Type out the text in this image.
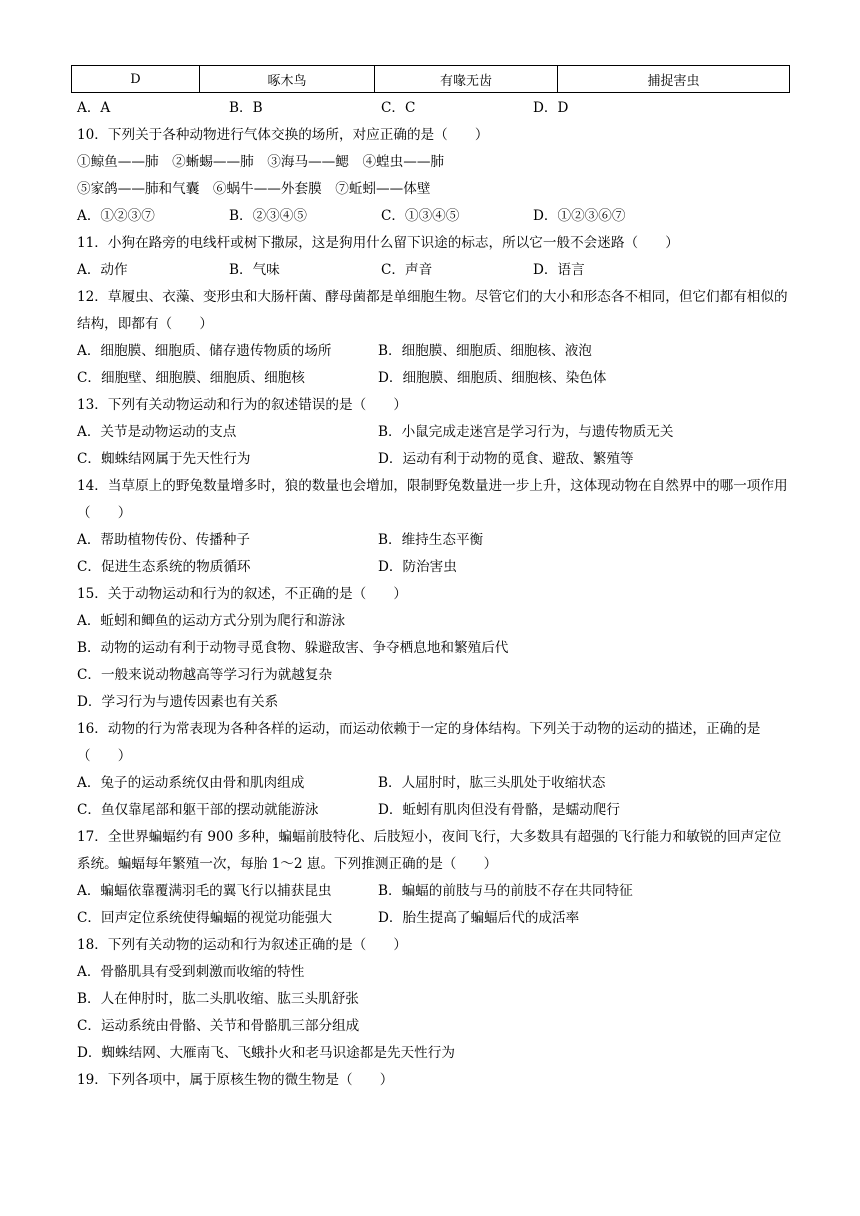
D	啄木鸟	有喙无齿	捕捉害虫
A．A	B．B	C．C	D．D
10．下列关于各种动物进行气体交换的场所，对应正确的是（　　）
①鲸鱼——肺　②蜥蜴——肺　③海马——鳃　④蝗虫——肺
⑤家鸽——肺和气囊　⑥蜗牛——外套膜　⑦蚯蚓——体壁
A．①②③⑦	B．②③④⑤	C．①③④⑤	D．①②③⑥⑦
11．小狗在路旁的电线杆或树下撒尿，这是狗用什么留下识途的标志，所以它一般不会迷路（　　）
A．动作	B．气味	C．声音	D．语言
12．草履虫、衣藻、变形虫和大肠杆菌、酵母菌都是单细胞生物。尽管它们的大小和形态各不相同，但它们都有相似的结构，即都有（　　）
A．细胞膜、细胞质、储存遗传物质的场所	B．细胞膜、细胞质、细胞核、液泡
C．细胞壁、细胞膜、细胞质、细胞核	D．细胞膜、细胞质、细胞核、染色体
13．下列有关动物运动和行为的叙述错误的是（　　）
A．关节是动物运动的支点	B．小鼠完成走迷宫是学习行为，与遗传物质无关
C．蜘蛛结网属于先天性行为	D．运动有利于动物的觅食、避敌、繁殖等
14．当草原上的野兔数量增多时，狼的数量也会增加，限制野兔数量进一步上升，这体现动物在自然界中的哪一项作用（　　）
A．帮助植物传份、传播种子	B．维持生态平衡
C．促进生态系统的物质循环	D．防治害虫
15．关于动物运动和行为的叙述，不正确的是（　　）
A．蚯蚓和鲫鱼的运动方式分别为爬行和游泳
B．动物的运动有利于动物寻觅食物、躲避敌害、争夺栖息地和繁殖后代
C．一般来说动物越高等学习行为就越复杂
D．学习行为与遗传因素也有关系
16．动物的行为常表现为各种各样的运动，而运动依赖于一定的身体结构。下列关于动物的运动的描述，正确的是（　　）
A．兔子的运动系统仅由骨和肌肉组成	B．人屈肘时，肱三头肌处于收缩状态
C．鱼仅靠尾部和躯干部的摆动就能游泳	D．蚯蚓有肌肉但没有骨骼，是蠕动爬行
17．全世界蝙蝠约有 900 多种，蝙蝠前肢特化、后肢短小，夜间飞行，大多数具有超强的飞行能力和敏锐的回声定位系统。蝙蝠每年繁殖一次，每胎 1～2 崽。下列推测正确的是（　　）
A．蝙蝠依靠覆满羽毛的翼飞行以捕获昆虫	B．蝙蝠的前肢与马的前肢不存在共同特征
C．回声定位系统使得蝙蝠的视觉功能强大	D．胎生提高了蝙蝠后代的成活率
18．下列有关动物的运动和行为叙述正确的是（　　）
A．骨骼肌具有受到刺激而收缩的特性
B．人在伸肘时，肱二头肌收缩、肱三头肌舒张
C．运动系统由骨骼、关节和骨骼肌三部分组成
D．蜘蛛结网、大雁南飞、飞蛾扑火和老马识途都是先天性行为
19．下列各项中，属于原核生物的微生物是（　　）
